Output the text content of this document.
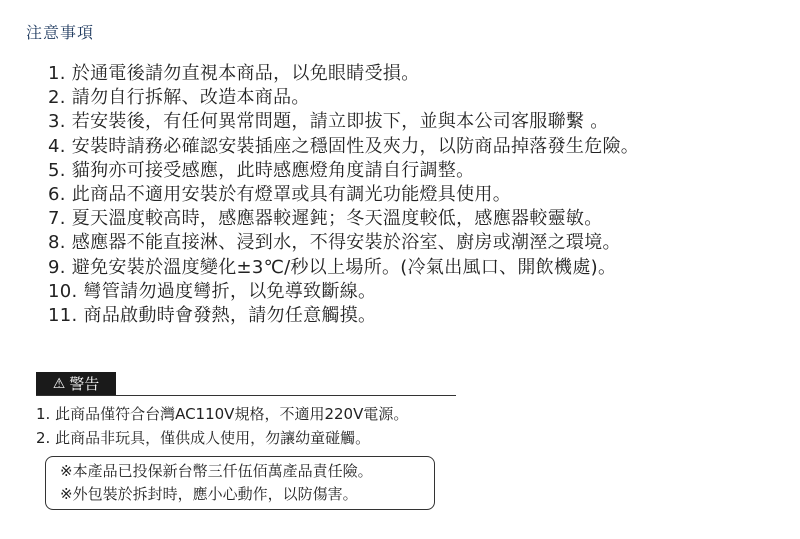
注意事項
1. 於通電後請勿直視本商品，以免眼睛受損。
2. 請勿自行拆解、改造本商品。
3. 若安裝後，有任何異常問題，請立即拔下，並與本公司客服聯繫 。
4. 安裝時請務必確認安裝插座之穩固性及夾力，以防商品掉落發生危險。
5. 貓狗亦可接受感應，此時感應燈角度請自行調整。
6. 此商品不適用安裝於有燈罩或具有調光功能燈具使用。
7. 夏天溫度較高時，感應器較遲鈍；冬天溫度較低，感應器較靈敏。
8. 感應器不能直接淋、浸到水，不得安裝於浴室、廚房或潮溼之環境。
9. 避免安裝於溫度變化±3℃/秒以上場所。(冷氣出風口、開飲機處)。
10. 彎管請勿過度彎折，以免導致斷線。
11. 商品啟動時會發熱，請勿任意觸摸。
⚠ 警告
1. 此商品僅符合台灣AC110V規格，不適用220V電源。
2. 此商品非玩具，僅供成人使用，勿讓幼童碰觸。
※本產品已投保新台幣三仟伍佰萬產品責任險。
※外包裝於拆封時，應小心動作，以防傷害。
